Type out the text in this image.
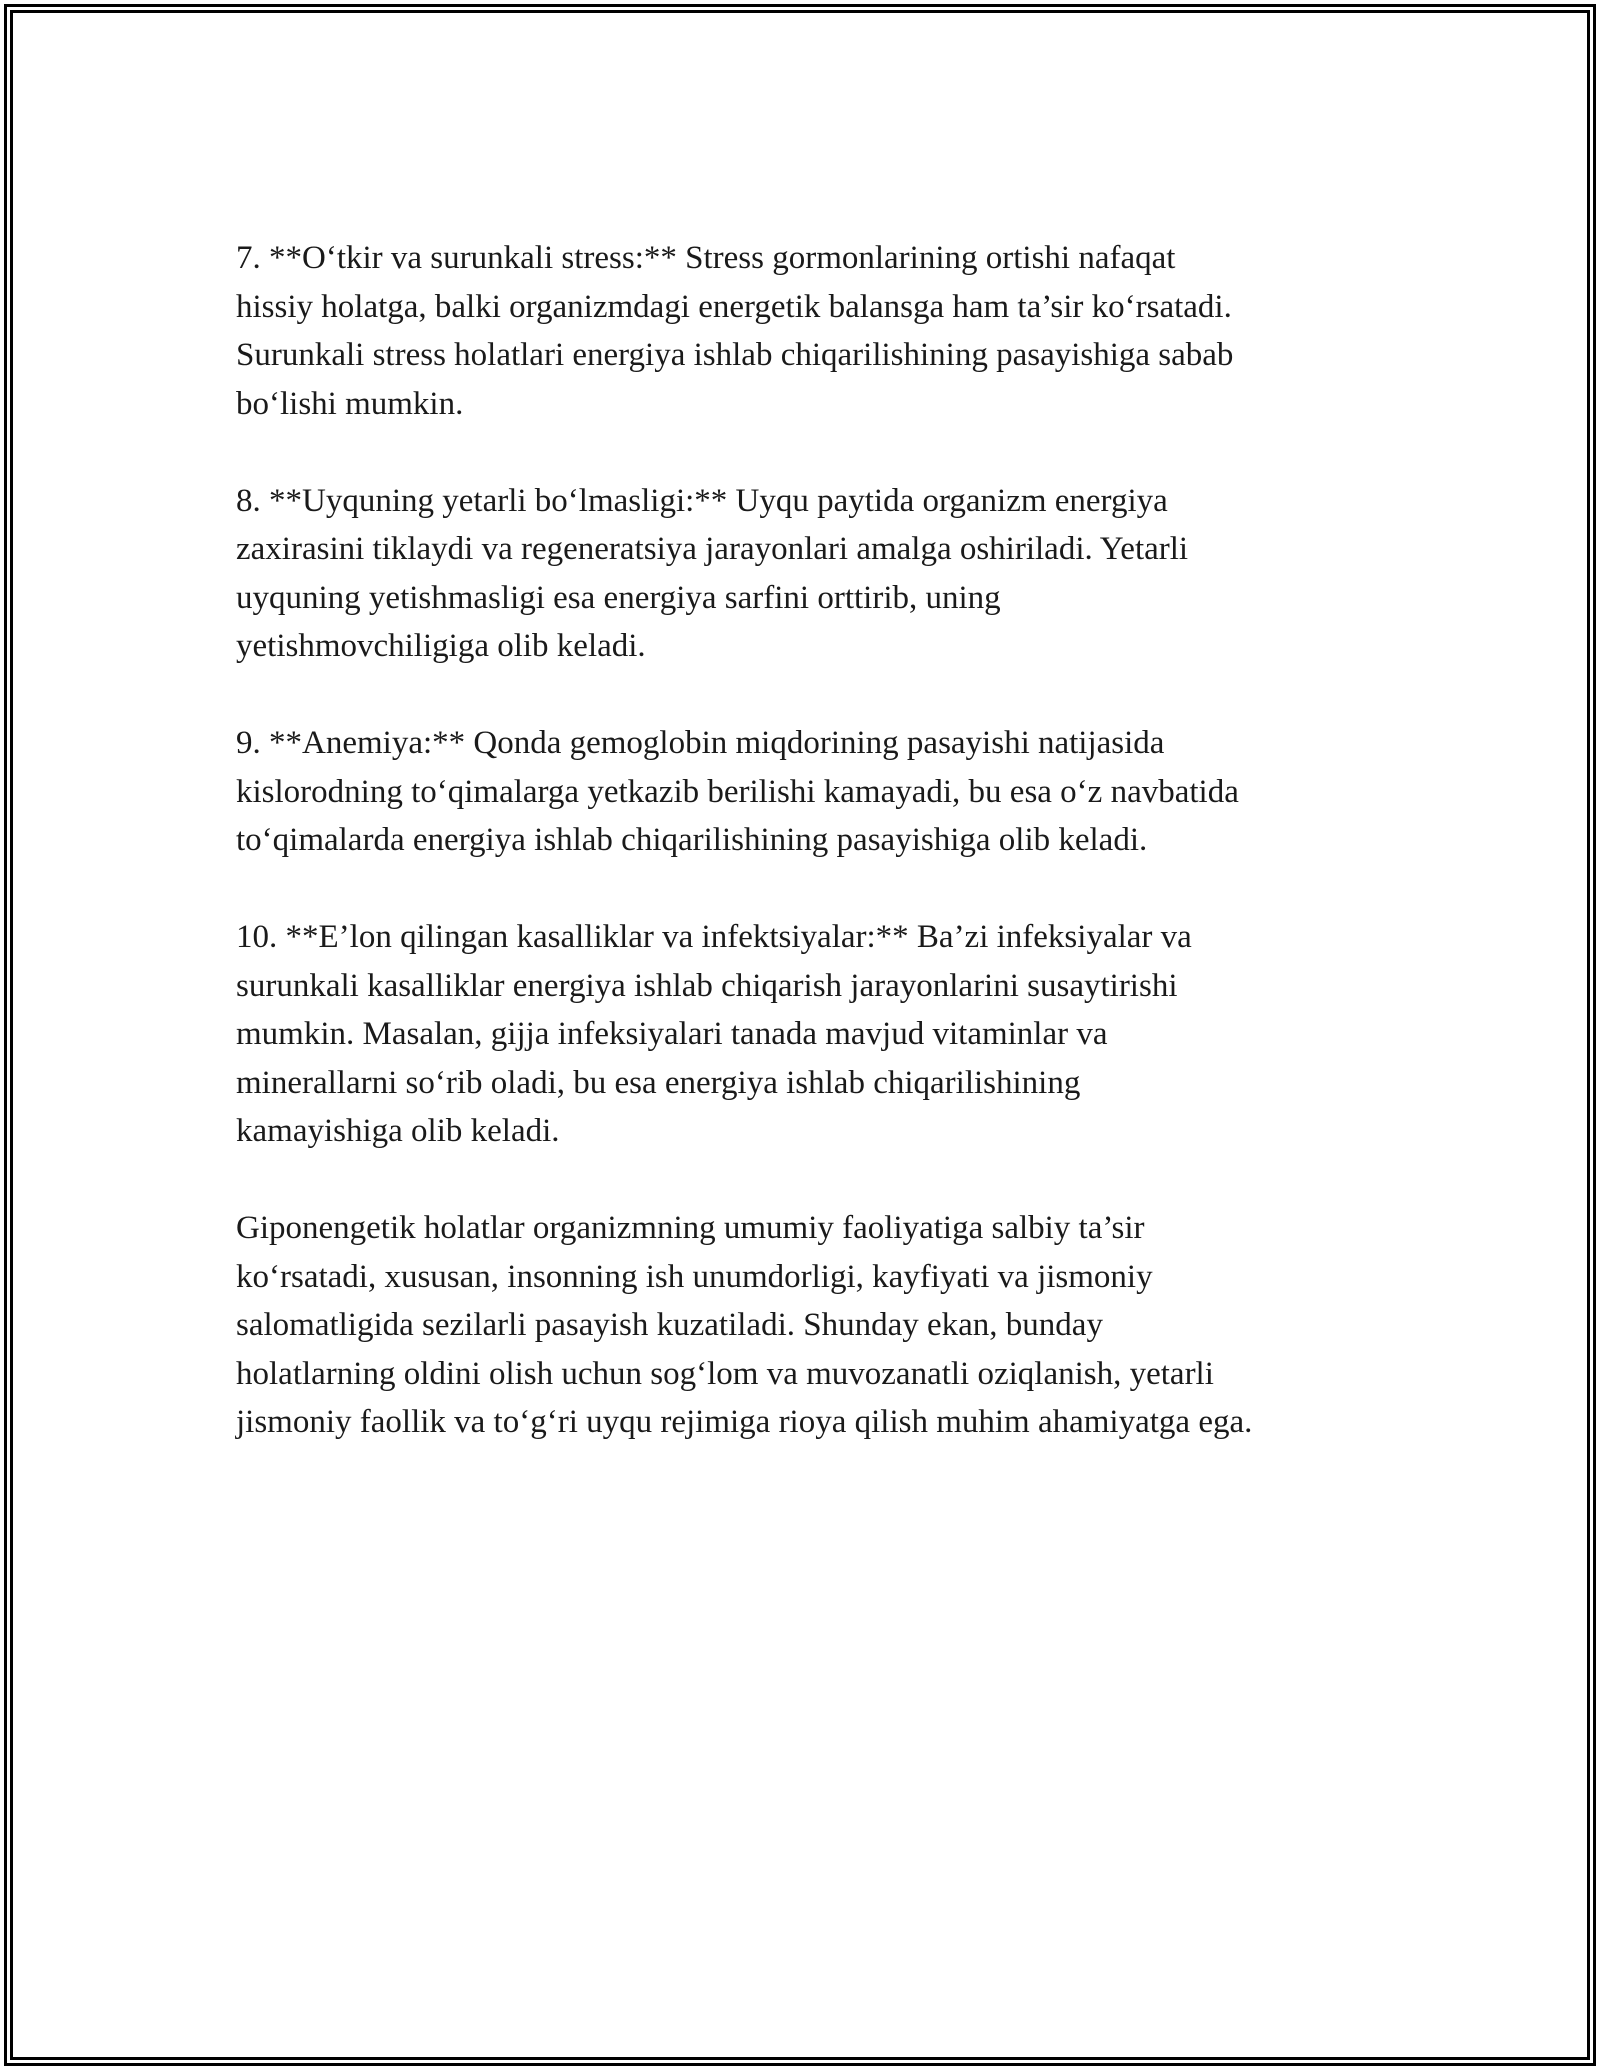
7. **O‘tkir va surunkali stress:** Stress gormonlarining ortishi nafaqat
hissiy holatga, balki organizmdagi energetik balansga ham ta’sir ko‘rsatadi.
Surunkali stress holatlari energiya ishlab chiqarilishining pasayishiga sabab
bo‘lishi mumkin.

8. **Uyquning yetarli bo‘lmasligi:** Uyqu paytida organizm energiya
zaxirasini tiklaydi va regeneratsiya jarayonlari amalga oshiriladi. Yetarli
uyquning yetishmasligi esa energiya sarfini orttirib, uning
yetishmovchiligiga olib keladi.

9. **Anemiya:** Qonda gemoglobin miqdorining pasayishi natijasida
kislorodning to‘qimalarga yetkazib berilishi kamayadi, bu esa o‘z navbatida
to‘qimalarda energiya ishlab chiqarilishining pasayishiga olib keladi.

10. **E’lon qilingan kasalliklar va infektsiyalar:** Ba’zi infeksiyalar va
surunkali kasalliklar energiya ishlab chiqarish jarayonlarini susaytirishi
mumkin. Masalan, gijja infeksiyalari tanada mavjud vitaminlar va
minerallarni so‘rib oladi, bu esa energiya ishlab chiqarilishining
kamayishiga olib keladi.

Giponengetik holatlar organizmning umumiy faoliyatiga salbiy ta’sir
ko‘rsatadi, xususan, insonning ish unumdorligi, kayfiyati va jismoniy
salomatligida sezilarli pasayish kuzatiladi. Shunday ekan, bunday
holatlarning oldini olish uchun sog‘lom va muvozanatli oziqlanish, yetarli
jismoniy faollik va to‘g‘ri uyqu rejimiga rioya qilish muhim ahamiyatga ega.
